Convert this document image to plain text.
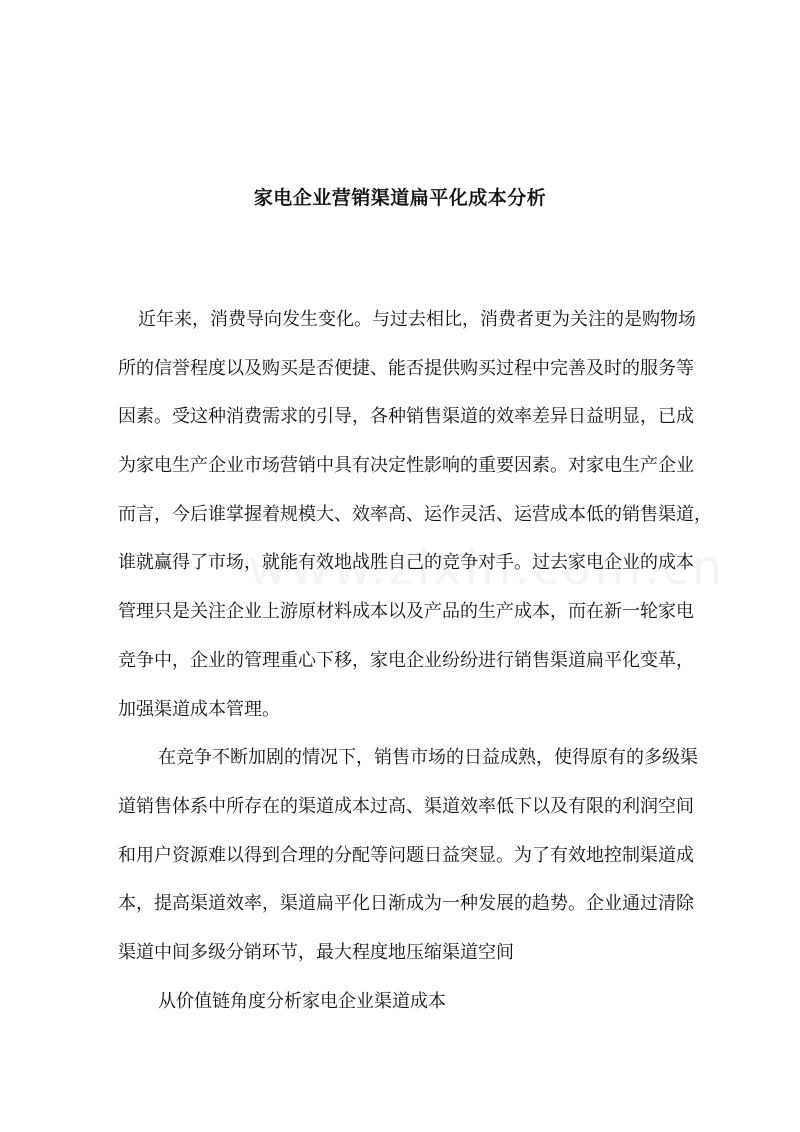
家电企业营销渠道扁平化成本分析
近年来，消费导向发生变化。与过去相比，消费者更为关注的是购物场
所的信誉程度以及购买是否便捷、能否提供购买过程中完善及时的服务等
因素。受这种消费需求的引导，各种销售渠道的效率差异日益明显，已成
为家电生产企业市场营销中具有决定性影响的重要因素。对家电生产企业
而言，今后谁掌握着规模大、效率高、运作灵活、运营成本低的销售渠道，
谁就赢得了市场，就能有效地战胜自己的竞争对手。过去家电企业的成本
管理只是关注企业上游原材料成本以及产品的生产成本，而在新一轮家电
竞争中，企业的管理重心下移，家电企业纷纷进行销售渠道扁平化变革，
加强渠道成本管理。
在竞争不断加剧的情况下，销售市场的日益成熟，使得原有的多级渠
道销售体系中所存在的渠道成本过高、渠道效率低下以及有限的利润空间
和用户资源难以得到合理的分配等问题日益突显。为了有效地控制渠道成
本，提高渠道效率，渠道扁平化日渐成为一种发展的趋势。企业通过清除
渠道中间多级分销环节，最大程度地压缩渠道空间
从价值链角度分析家电企业渠道成本
